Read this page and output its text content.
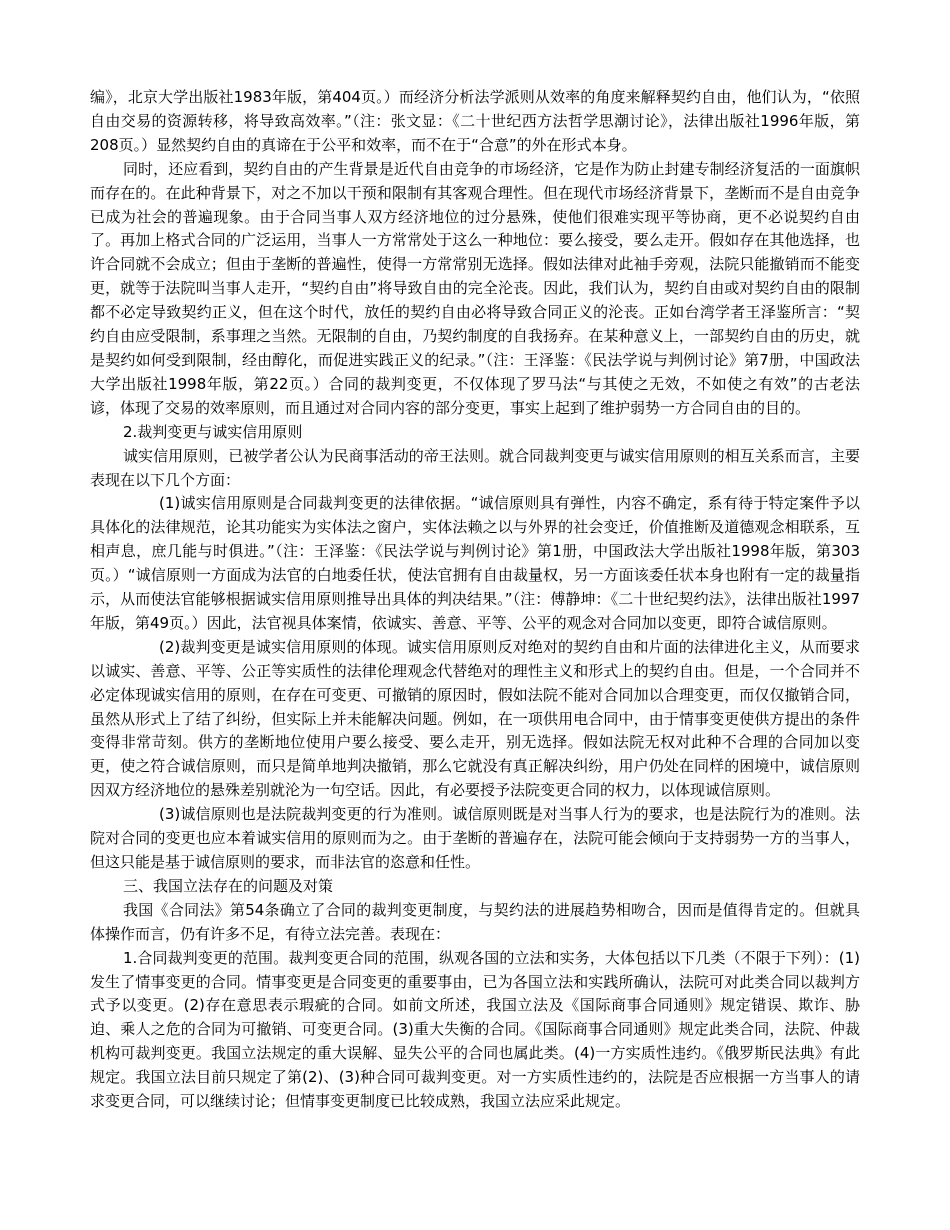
编》，北京大学出版社1983年版，第404页。）而经济分析法学派则从效率的角度来解释契约自由，他们认为，“依照自由交易的资源转移，将导致高效率。”（注：张文显：《二十世纪西方法哲学思潮讨论》，法律出版社1996年版，第208页。）显然契约自由的真谛在于公平和效率，而不在于“合意”的外在形式本身。

同时，还应看到，契约自由的产生背景是近代自由竞争的市场经济，它是作为防止封建专制经济复活的一面旗帜而存在的。在此种背景下，对之不加以干预和限制有其客观合理性。但在现代市场经济背景下，垄断而不是自由竞争已成为社会的普遍现象。由于合同当事人双方经济地位的过分悬殊，使他们很难实现平等协商，更不必说契约自由了。再加上格式合同的广泛运用，当事人一方常常处于这么一种地位：要么接受，要么走开。假如存在其他选择，也许合同就不会成立；但由于垄断的普遍性，使得一方常常别无选择。假如法律对此袖手旁观，法院只能撤销而不能变更，就等于法院叫当事人走开，“契约自由”将导致自由的完全沦丧。因此，我们认为，契约自由或对契约自由的限制都不必定导致契约正义，但在这个时代，放任的契约自由必将导致合同正义的沦丧。正如台湾学者王泽鉴所言：“契约自由应受限制，系事理之当然。无限制的自由，乃契约制度的自我扬弃。在某种意义上，一部契约自由的历史，就是契约如何受到限制，经由醇化，而促进实践正义的纪录。”（注：王泽鉴：《民法学说与判例讨论》第7册，中国政法大学出版社1998年版，第22页。）合同的裁判变更，不仅体现了罗马法“与其使之无效，不如使之有效”的古老法谚，体现了交易的效率原则，而且通过对合同内容的部分变更，事实上起到了维护弱势一方合同自由的目的。

2.裁判变更与诚实信用原则

诚实信用原则，已被学者公认为民商事活动的帝王法则。就合同裁判变更与诚实信用原则的相互关系而言，主要表现在以下几个方面：

(1)诚实信用原则是合同裁判变更的法律依据。“诚信原则具有弹性，内容不确定，系有待于特定案件予以具体化的法律规范，论其功能实为实体法之窗户，实体法赖之以与外界的社会变迁，价值推断及道德观念相联系，互相声息，庶几能与时俱进。”（注：王泽鉴：《民法学说与判例讨论》第1册，中国政法大学出版社1998年版，第303页。）“诚信原则一方面成为法官的白地委任状，使法官拥有自由裁量权，另一方面该委任状本身也附有一定的裁量指示，从而使法官能够根据诚实信用原则推导出具体的判决结果。”（注：傅静坤：《二十世纪契约法》，法律出版社1997年版，第49页。）因此，法官视具体案情，依诚实、善意、平等、公平的观念对合同加以变更，即符合诚信原则。

(2)裁判变更是诚实信用原则的体现。诚实信用原则反对绝对的契约自由和片面的法律进化主义，从而要求以诚实、善意、平等、公正等实质性的法律伦理观念代替绝对的理性主义和形式上的契约自由。但是，一个合同并不必定体现诚实信用的原则，在存在可变更、可撤销的原因时，假如法院不能对合同加以合理变更，而仅仅撤销合同，虽然从形式上了结了纠纷，但实际上并未能解决问题。例如，在一项供用电合同中，由于情事变更使供方提出的条件变得非常苛刻。供方的垄断地位使用户要么接受、要么走开，别无选择。假如法院无权对此种不合理的合同加以变更，使之符合诚信原则，而只是简单地判决撤销，那么它就没有真正解决纠纷，用户仍处在同样的困境中，诚信原则因双方经济地位的悬殊差别就沦为一句空话。因此，有必要授予法院变更合同的权力，以体现诚信原则。

(3)诚信原则也是法院裁判变更的行为准则。诚信原则既是对当事人行为的要求，也是法院行为的准则。法院对合同的变更也应本着诚实信用的原则而为之。由于垄断的普遍存在，法院可能会倾向于支持弱势一方的当事人，但这只能是基于诚信原则的要求，而非法官的恣意和任性。

三、我国立法存在的问题及对策

我国《合同法》第54条确立了合同的裁判变更制度，与契约法的进展趋势相吻合，因而是值得肯定的。但就具体操作而言，仍有许多不足，有待立法完善。表现在：

1.合同裁判变更的范围。裁判变更合同的范围，纵观各国的立法和实务，大体包括以下几类（不限于下列）：(1)发生了情事变更的合同。情事变更是合同变更的重要事由，已为各国立法和实践所确认，法院可对此类合同以裁判方式予以变更。(2)存在意思表示瑕疵的合同。如前文所述，我国立法及《国际商事合同通则》规定错误、欺诈、胁迫、乘人之危的合同为可撤销、可变更合同。(3)重大失衡的合同。《国际商事合同通则》规定此类合同，法院、仲裁机构可裁判变更。我国立法规定的重大误解、显失公平的合同也属此类。(4)一方实质性违约。《俄罗斯民法典》有此规定。我国立法目前只规定了第(2)、(3)种合同可裁判变更。对一方实质性违约的，法院是否应根据一方当事人的请求变更合同，可以继续讨论；但情事变更制度已比较成熟，我国立法应采此规定。
